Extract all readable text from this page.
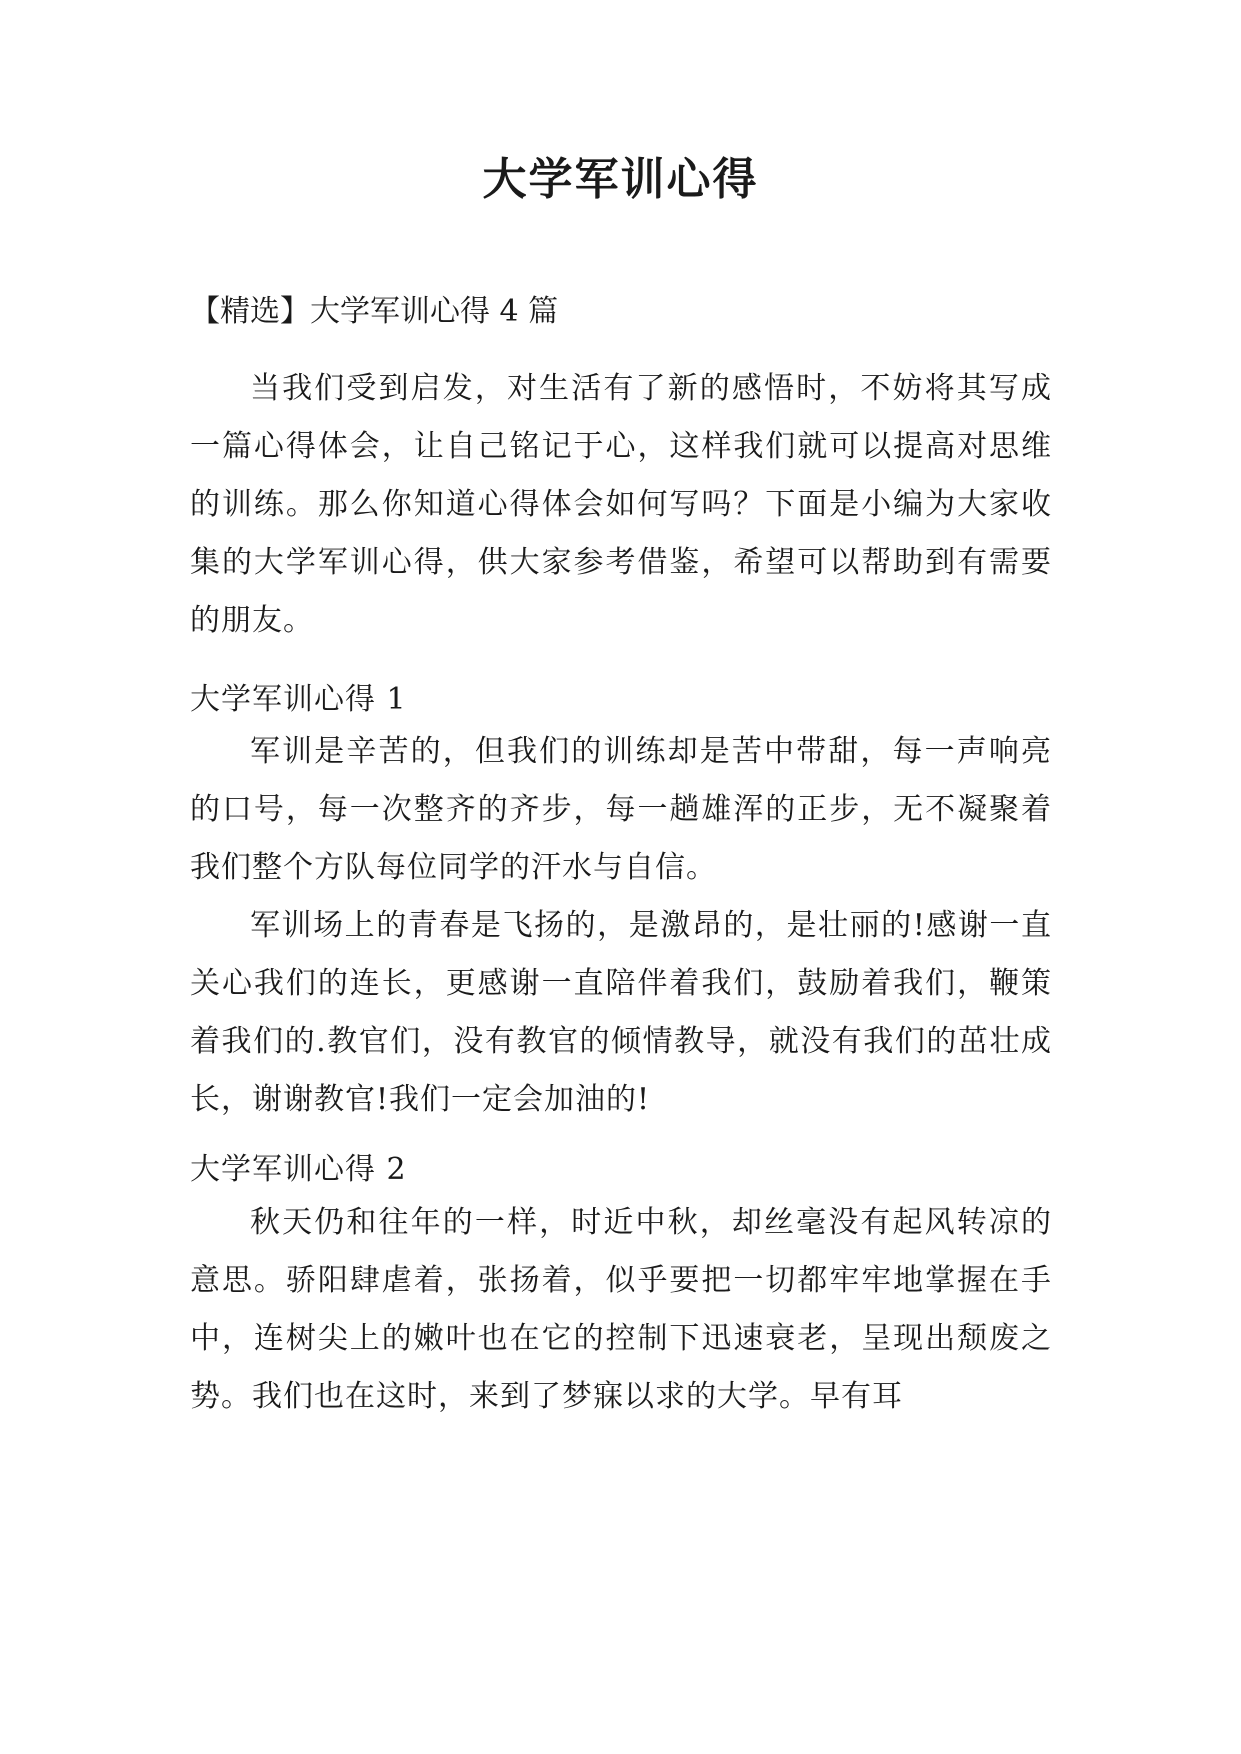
大学军训心得
【精选】大学军训心得 4 篇

当我们受到启发，对生活有了新的感悟时，不妨将其写成一篇心得体会，让自己铭记于心，这样我们就可以提高对思维的训练。那么你知道心得体会如何写吗？下面是小编为大家收集的大学军训心得，供大家参考借鉴，希望可以帮助到有需要的朋友。

大学军训心得 1

军训是辛苦的，但我们的训练却是苦中带甜，每一声响亮的口号，每一次整齐的齐步，每一趟雄浑的正步，无不凝聚着我们整个方队每位同学的汗水与自信。

军训场上的青春是飞扬的，是激昂的，是壮丽的!感谢一直关心我们的连长，更感谢一直陪伴着我们，鼓励着我们，鞭策着我们的.教官们，没有教官的倾情教导，就没有我们的茁壮成长，谢谢教官!我们一定会加油的!

大学军训心得 2

秋天仍和往年的一样，时近中秋，却丝毫没有起风转凉的意思。骄阳肆虐着，张扬着，似乎要把一切都牢牢地掌握在手中，连树尖上的嫩叶也在它的控制下迅速衰老，呈现出颓废之势。我们也在这时，来到了梦寐以求的大学。早有耳
